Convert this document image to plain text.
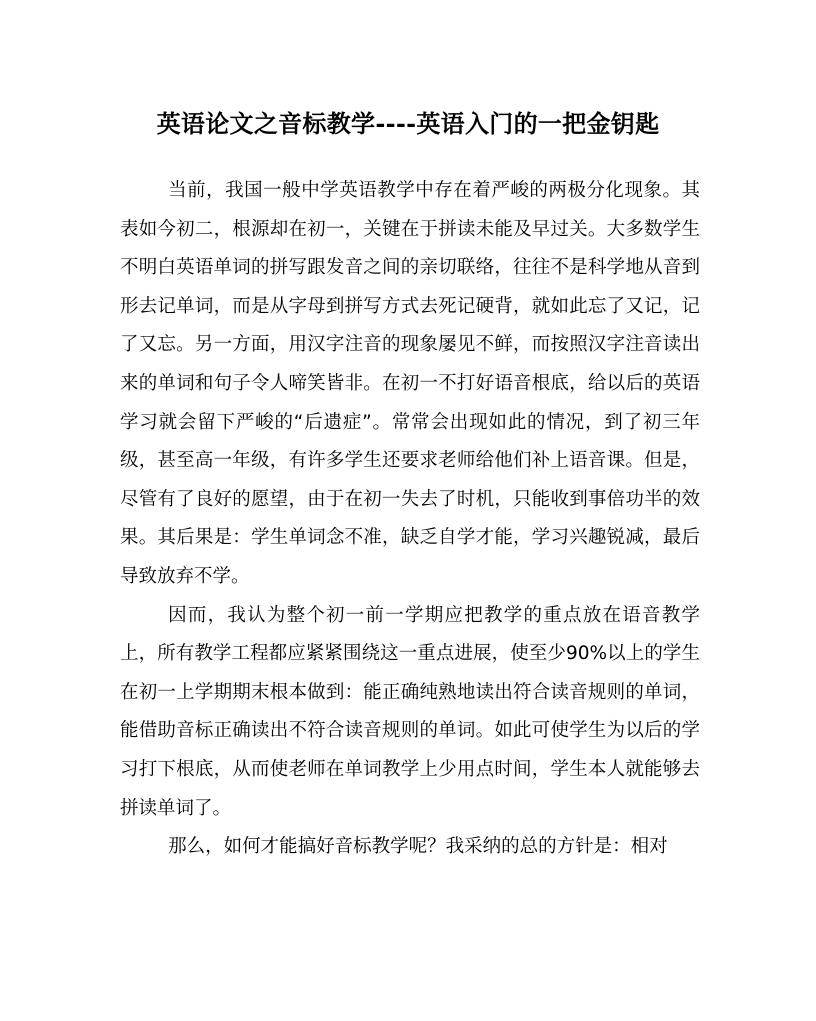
英语论文之音标教学----英语入门的一把金钥匙

当前，我国一般中学英语教学中存在着严峻的两极分化现象。其表如今初二，根源却在初一，关键在于拼读未能及早过关。大多数学生不明白英语单词的拼写跟发音之间的亲切联络，往往不是科学地从音到形去记单词，而是从字母到拼写方式去死记硬背，就如此忘了又记，记了又忘。另一方面，用汉字注音的现象屡见不鲜，而按照汉字注音读出来的单词和句子令人啼笑皆非。在初一不打好语音根底，给以后的英语学习就会留下严峻的“后遗症”。常常会出现如此的情况，到了初三年级，甚至高一年级，有许多学生还要求老师给他们补上语音课。但是，尽管有了良好的愿望，由于在初一失去了时机，只能收到事倍功半的效果。其后果是：学生单词念不准，缺乏自学才能，学习兴趣锐减，最后导致放弃不学。

因而，我认为整个初一前一学期应把教学的重点放在语音教学上，所有教学工程都应紧紧围绕这一重点进展，使至少90%以上的学生在初一上学期期末根本做到：能正确纯熟地读出符合读音规则的单词，能借助音标正确读出不符合读音规则的单词。如此可使学生为以后的学习打下根底，从而使老师在单词教学上少用点时间，学生本人就能够去拼读单词了。

那么，如何才能搞好音标教学呢？我采纳的总的方针是：相对
